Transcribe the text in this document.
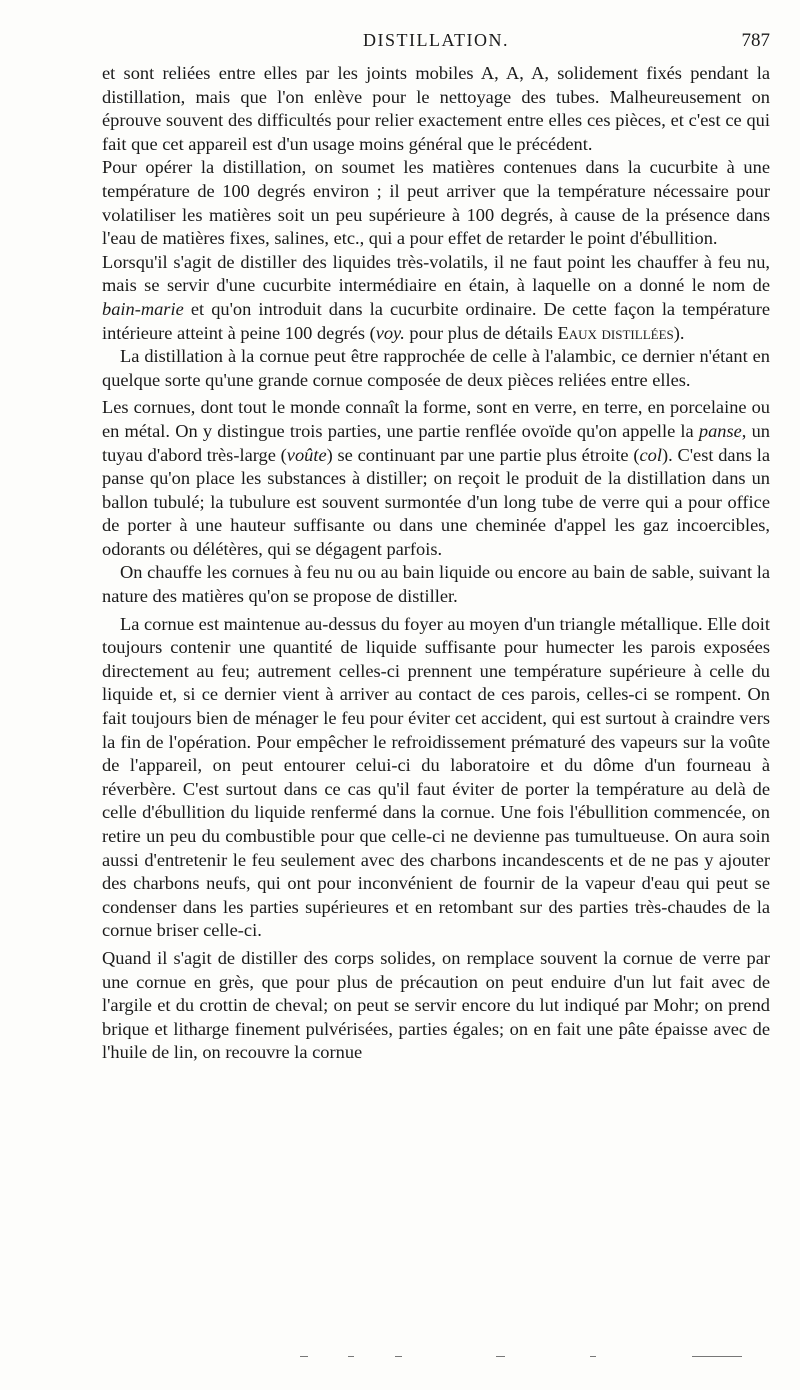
DISTILLATION.	787

et sont reliées entre elles par les joints mobiles A, A, A, solidement fixés pendant la distillation, mais que l'on enlève pour le nettoyage des tubes. Malheureusement on éprouve souvent des difficultés pour relier exactement entre elles ces pièces, et c'est ce qui fait que cet appareil est d'un usage moins général que le précédent.

Pour opérer la distillation, on soumet les matières contenues dans la cucurbite à une température de 100 degrés environ ; il peut arriver que la température nécessaire pour volatiliser les matières soit un peu supérieure à 100 degrés, à cause de la présence dans l'eau de matières fixes, salines, etc., qui a pour effet de retarder le point d'ébullition.

Lorsqu'il s'agit de distiller des liquides très-volatils, il ne faut point les chauffer à feu nu, mais se servir d'une cucurbite intermédiaire en étain, à laquelle on a donné le nom de bain-marie et qu'on introduit dans la cucurbite ordinaire. De cette façon la température intérieure atteint à peine 100 degrés (voy. pour plus de détails Eaux distillées).

La distillation à la cornue peut être rapprochée de celle à l'alambic, ce dernier n'étant en quelque sorte qu'une grande cornue composée de deux pièces reliées entre elles.

Les cornues, dont tout le monde connaît la forme, sont en verre, en terre, en porcelaine ou en métal. On y distingue trois parties, une partie renflée ovoïde qu'on appelle la panse, un tuyau d'abord très-large (voûte) se continuant par une partie plus étroite (col). C'est dans la panse qu'on place les substances à distiller; on reçoit le produit de la distillation dans un ballon tubulé; la tubulure est souvent surmontée d'un long tube de verre qui a pour office de porter à une hauteur suffisante ou dans une cheminée d'appel les gaz incoercibles, odorants ou délétères, qui se dégagent parfois.

On chauffe les cornues à feu nu ou au bain liquide ou encore au bain de sable, suivant la nature des matières qu'on se propose de distiller.

La cornue est maintenue au-dessus du foyer au moyen d'un triangle métallique. Elle doit toujours contenir une quantité de liquide suffisante pour humecter les parois exposées directement au feu; autrement celles-ci prennent une température supérieure à celle du liquide et, si ce dernier vient à arriver au contact de ces parois, celles-ci se rompent. On fait toujours bien de ménager le feu pour éviter cet accident, qui est surtout à craindre vers la fin de l'opération. Pour empêcher le refroidissement prématuré des vapeurs sur la voûte de l'appareil, on peut entourer celui-ci du laboratoire et du dôme d'un fourneau à réverbère. C'est surtout dans ce cas qu'il faut éviter de porter la température au delà de celle d'ébullition du liquide renfermé dans la cornue. Une fois l'ébullition commencée, on retire un peu du combustible pour que celle-ci ne devienne pas tumultueuse. On aura soin aussi d'entretenir le feu seulement avec des charbons incandescents et de ne pas y ajouter des charbons neufs, qui ont pour inconvénient de fournir de la vapeur d'eau qui peut se condenser dans les parties supérieures et en retombant sur des parties très-chaudes de la cornue briser celle-ci.

Quand il s'agit de distiller des corps solides, on remplace souvent la cornue de verre par une cornue en grès, que pour plus de précaution on peut enduire d'un lut fait avec de l'argile et du crottin de cheval; on peut se servir encore du lut indiqué par Mohr; on prend brique et litharge finement pulvérisées, parties égales; on en fait une pâte épaisse avec de l'huile de lin, on recouvre la cornue
